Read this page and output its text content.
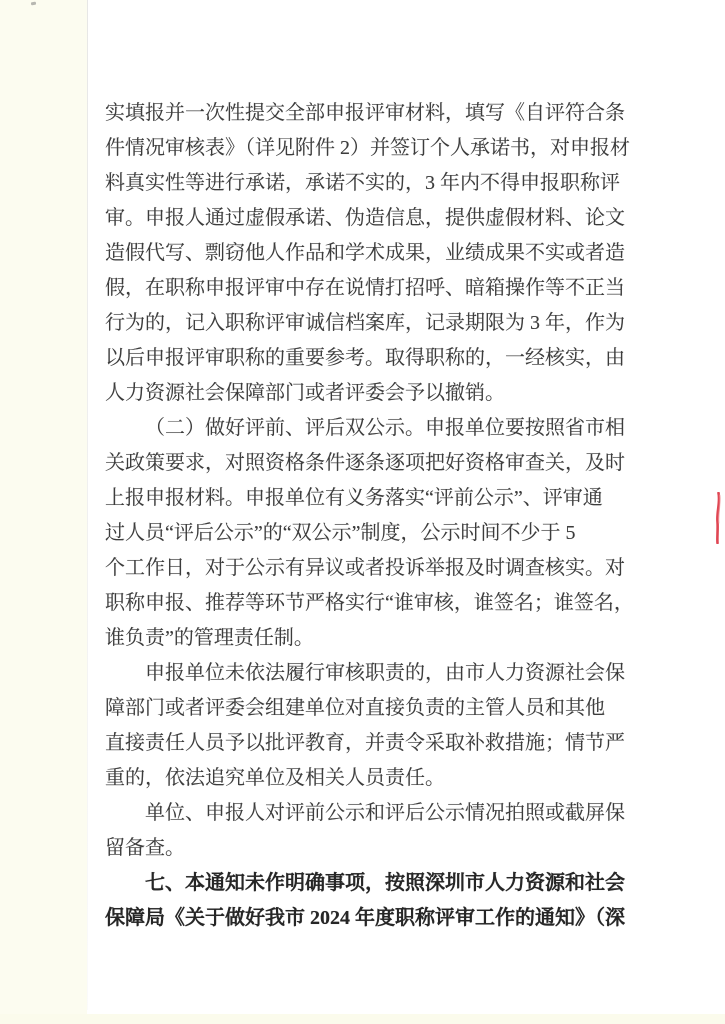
实填报并一次性提交全部申报评审材料，填写《自评符合条
件情况审核表》（详见附件 2）并签订个人承诺书，对申报材
料真实性等进行承诺，承诺不实的，3 年内不得申报职称评
审。申报人通过虚假承诺、伪造信息，提供虚假材料、论文
造假代写、剽窃他人作品和学术成果，业绩成果不实或者造
假，在职称申报评审中存在说情打招呼、暗箱操作等不正当
行为的，记入职称评审诚信档案库，记录期限为 3 年，作为
以后申报评审职称的重要参考。取得职称的，一经核实，由
人力资源社会保障部门或者评委会予以撤销。
（二）做好评前、评后双公示。申报单位要按照省市相
关政策要求，对照资格条件逐条逐项把好资格审查关，及时
上报申报材料。申报单位有义务落实“评前公示”、评审通
过人员“评后公示”的“双公示”制度，公示时间不少于 5
个工作日，对于公示有异议或者投诉举报及时调查核实。对
职称申报、推荐等环节严格实行“谁审核，谁签名；谁签名，
谁负责”的管理责任制。
申报单位未依法履行审核职责的，由市人力资源社会保
障部门或者评委会组建单位对直接负责的主管人员和其他
直接责任人员予以批评教育，并责令采取补救措施；情节严
重的，依法追究单位及相关人员责任。
单位、申报人对评前公示和评后公示情况拍照或截屏保
留备查。
七、本通知未作明确事项，按照深圳市人力资源和社会
保障局《关于做好我市 2024 年度职称评审工作的通知》（深
